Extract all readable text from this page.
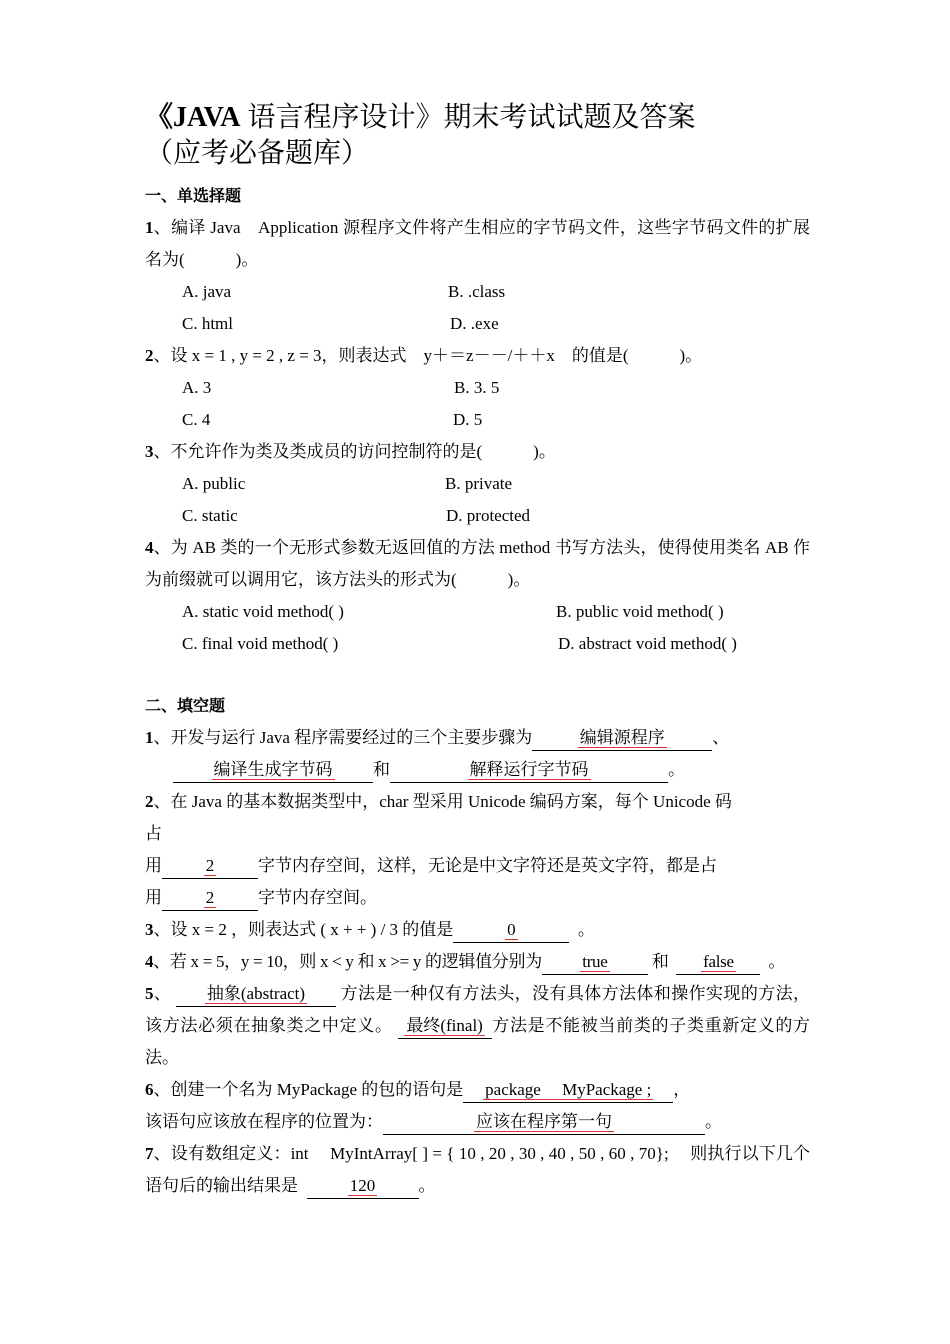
《JAVA 语言程序设计》期末考试试题及答案
（应考必备题库）
一、单选择题
1、编译 Java　Application 源程序文件将产生相应的字节码文件，这些字节码文件的扩展名为(　　　)。
A. java	B. .class
C. html	D. .exe
2、设 x = 1 , y = 2 , z = 3，则表达式　y＋＝z－－/＋＋x　的值是(　　　)。
A. 3	B. 3. 5
C. 4	D. 5
3、不允许作为类及类成员的访问控制符的是(　　　)。
A. public	B. private
C. static	D. protected
4、为 AB 类的一个无形式参数无返回值的方法 method 书写方法头，使得使用类名 AB 作为前缀就可以调用它，该方法头的形式为(　　　)。
A. static void method( )	B. public void method( )
C. final void method( )	D. abstract void method( )
二、填空题
1、开发与运行 Java 程序需要经过的三个主要步骤为	编辑源程序	、
编译生成字节码 和	解释运行字节码	。
2、在 Java 的基本数据类型中，char 型采用 Unicode 编码方案，每个 Unicode 码
占
用	2	字节内存空间，这样，无论是中文字符还是英文字符，都是占
用	2	字节内存空间。
3、设 x = 2 ，则表达式 ( x + + ) / 3 的值是	0	。
4、若 x = 5，y = 10，则 x < y 和 x >= y 的逻辑值分别为 true	和 false 。
5、 抽象(abstract) 方法是一种仅有方法头，没有具体方法体和操作实现的方法，该方法必须在抽象类之中定义。 最终(final) 方法是不能被当前类的子类重新定义的方法。
6、创建一个名为 MyPackage 的包的语句是 package　 MyPackage ; ，
该语句应该放在程序的位置为：	应该在程序第一句	。
7、设有数组定义：int　 MyIntArray[ ] = { 10 , 20 , 30 , 40 , 50 , 60 , 70};　 则执行以下几个语句后的输出结果是	120	。
